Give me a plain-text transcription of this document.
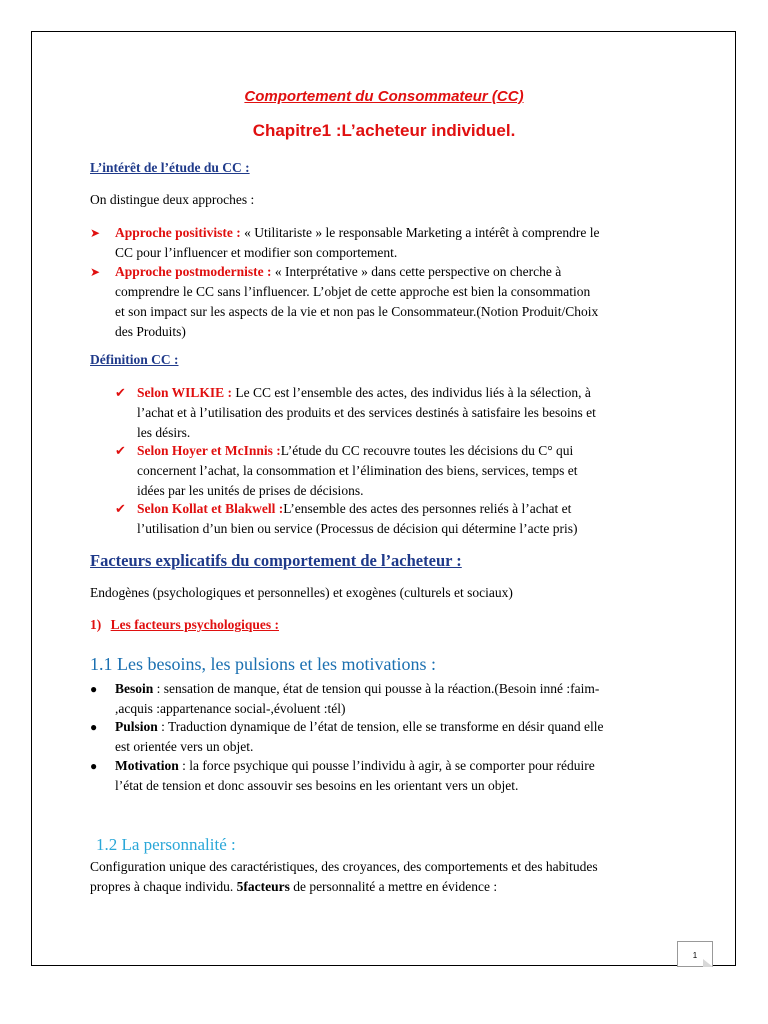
Comportement du Consommateur (CC)
Chapitre1 :L’acheteur individuel.
L’intérêt de l’étude du CC :
On distingue deux approches :
➤	Approche positiviste : « Utilitariste » le responsable Marketing a intérêt à comprendre le
CC pour l’influencer et modifier son comportement.
➤	Approche postmoderniste : « Interprétative » dans cette perspective on cherche à
comprendre le CC sans l’influencer. L’objet de cette approche est bien la consommation
et son impact sur les aspects de la vie et non pas le Consommateur.(Notion Produit/Choix
des Produits)
Définition CC :
✔ Selon WILKIE : Le CC est l’ensemble des actes, des individus liés à la sélection, à
l’achat et à l’utilisation des produits et des services destinés à satisfaire les besoins et
les désirs.
✔ Selon Hoyer et McInnis :L’étude du CC recouvre toutes les décisions du C° qui
concernent l’achat, la consommation et l’élimination des biens, services, temps et
idées par les unités de prises de décisions.
✔ Selon Kollat et Blakwell :L’ensemble des actes des personnes reliés à l’achat et
l’utilisation d’un bien ou service (Processus de décision qui détermine l’acte pris)
Facteurs explicatifs du comportement de l’acheteur :
Endogènes (psychologiques et personnelles) et exogènes (culturels et sociaux)
1) Les facteurs psychologiques :
1.1 Les besoins, les pulsions et les motivations :
●	Besoin : sensation de manque, état de tension qui pousse à la réaction.(Besoin inné :faim-
,acquis :appartenance social-,évoluent :tél)
●	Pulsion : Traduction dynamique de l’état de tension, elle se transforme en désir quand elle
est orientée vers un objet.
●	Motivation : la force psychique qui pousse l’individu à agir, à se comporter pour réduire
l’état de tension et donc assouvir ses besoins en les orientant vers un objet.
1.2 La personnalité :
Configuration unique des caractéristiques, des croyances, des comportements et des habitudes
propres à chaque individu. 5facteurs de personnalité a mettre en évidence :
1
